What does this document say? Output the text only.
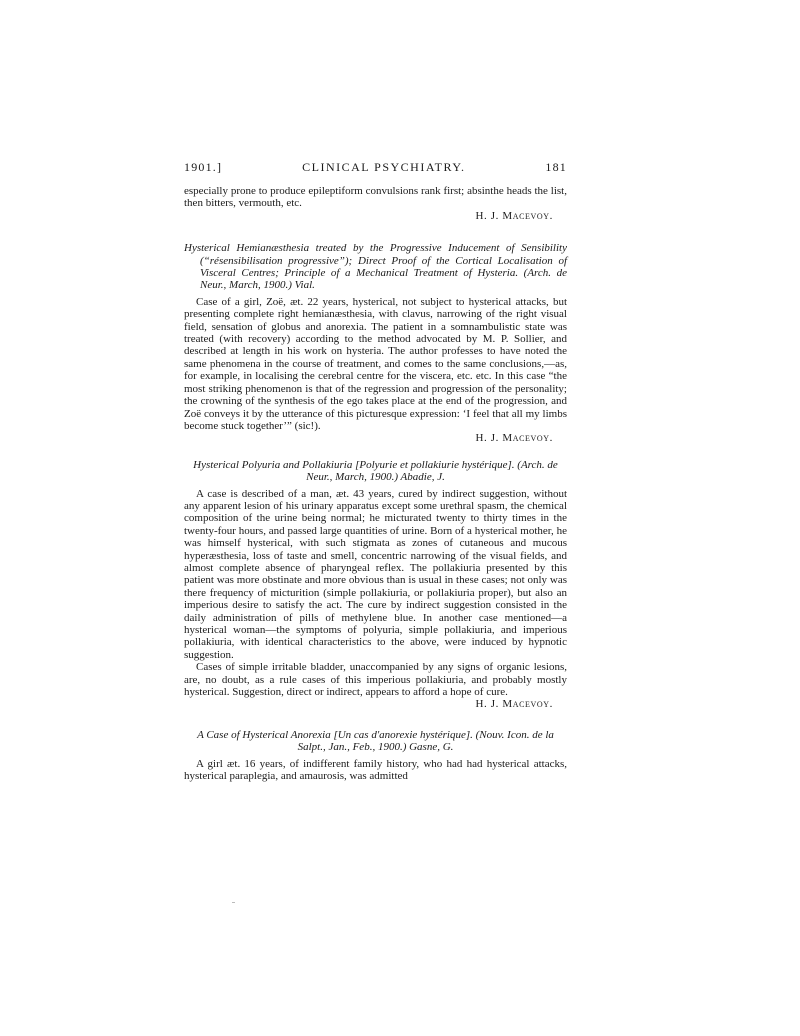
1901.]	CLINICAL PSYCHIATRY.	181

especially prone to produce epileptiform convulsions rank first; absinthe heads the list, then bitters, vermouth, etc.

H. J. Macevoy.
Hysterical Hemianæsthesia treated by the Progressive Inducement of Sensibility (“résensibilisation progressive”); Direct Proof of the Cortical Localisation of Visceral Centres; Principle of a Mechanical Treatment of Hysteria. (Arch. de Neur., March, 1900.) Vial.

Case of a girl, Zoë, æt. 22 years, hysterical, not subject to hysterical attacks, but presenting complete right hemianæsthesia, with clavus, narrowing of the right visual field, sensation of globus and anorexia. The patient in a somnambulistic state was treated (with recovery) according to the method advocated by M. P. Sollier, and described at length in his work on hysteria. The author professes to have noted the same phenomena in the course of treatment, and comes to the same conclusions,—as, for example, in localising the cerebral centre for the viscera, etc. etc. In this case “the most striking phenomenon is that of the regression and progression of the personality; the crowning of the synthesis of the ego takes place at the end of the progression, and Zoë conveys it by the utterance of this picturesque expression: ‘I feel that all my limbs become stuck together’” (sic!).

H. J. Macevoy.
Hysterical Polyuria and Pollakiuria [Polyurie et pollakiurie hystérique]. (Arch. de Neur., March, 1900.) Abadie, J.

A case is described of a man, æt. 43 years, cured by indirect suggestion, without any apparent lesion of his urinary apparatus except some urethral spasm, the chemical composition of the urine being normal; he micturated twenty to thirty times in the twenty-four hours, and passed large quantities of urine. Born of a hysterical mother, he was himself hysterical, with such stigmata as zones of cutaneous and mucous hyperæsthesia, loss of taste and smell, concentric narrowing of the visual fields, and almost complete absence of pharyngeal reflex. The pollakiuria presented by this patient was more obstinate and more obvious than is usual in these cases; not only was there frequency of micturition (simple pollakiuria, or pollakiuria proper), but also an imperious desire to satisfy the act. The cure by indirect suggestion consisted in the daily administration of pills of methylene blue. In another case mentioned—a hysterical woman—the symptoms of polyuria, simple pollakiuria, and imperious pollakiuria, with identical characteristics to the above, were induced by hypnotic suggestion.

Cases of simple irritable bladder, unaccompanied by any signs of organic lesions, are, no doubt, as a rule cases of this imperious pollakiuria, and probably mostly hysterical. Suggestion, direct or indirect, appears to afford a hope of cure.

H. J. Macevoy.
A Case of Hysterical Anorexia [Un cas d'anorexie hystérique]. (Nouv. Icon. de la Salpt., Jan., Feb., 1900.) Gasne, G.

A girl æt. 16 years, of indifferent family history, who had had hysterical attacks, hysterical paraplegia, and amaurosis, was admitted
